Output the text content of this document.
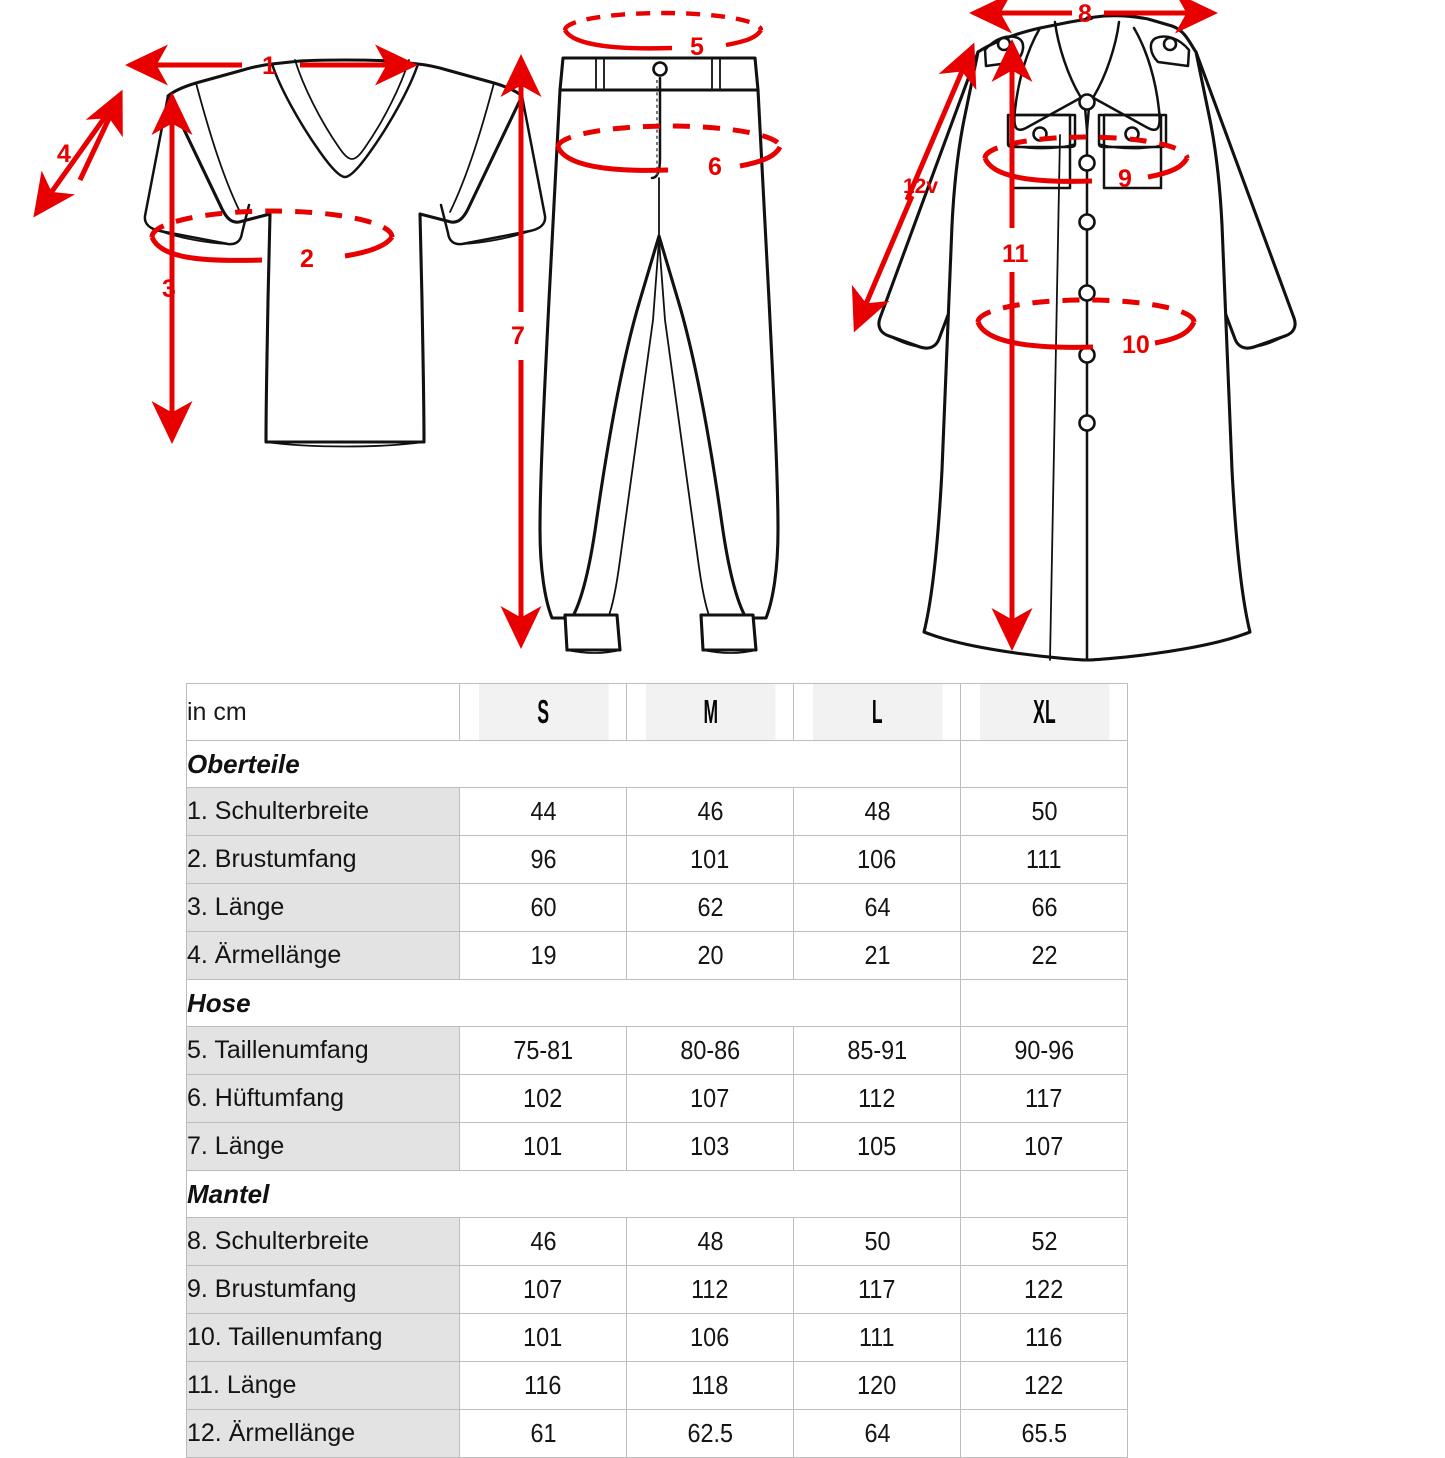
1
3
4
2
5
6
7
8
12v
11
9
10
in cm	S	M	L	XL
Oberteile				
1. Schulterbreite	44	46	48	50
2. Brustumfang	96	101	106	111
3. Länge	60	62	64	66
4. Ärmellänge	19	20	21	22
Hose				
5. Taillenumfang	75-81	80-86	85-91	90-96
6. Hüftumfang	102	107	112	117
7. Länge	101	103	105	107
Mantel				
8. Schulterbreite	46	48	50	52
9. Brustumfang	107	112	117	122
10. Taillenumfang	101	106	111	116
11. Länge	116	118	120	122
12. Ärmellänge	61	62.5	64	65.5
